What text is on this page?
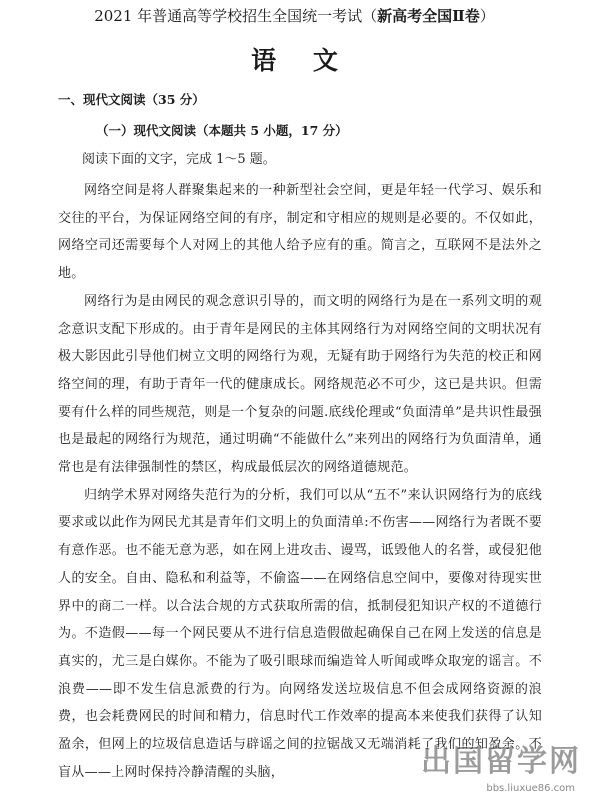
2021 年普通高等学校招生全国统一考试（新高考全国Ⅱ卷）
语 文
一、现代文阅读（35 分）
（一）现代文阅读（本题共 5 小题，17 分）
阅读下面的文字，完成 1～5 题。

网络空间是将人群聚集起来的一种新型社会空间，更是年轻一代学习、娱乐和交往的平台，为保证网络空间的有序，制定和守相应的规则是必要的。不仅如此，网络空司还需要每个人对网上的其他人给予应有的重。简言之，互联网不是法外之地。

网络行为是由网民的观念意识引导的，而文明的网络行为是在一系列文明的观念意识支配下形成的。由于青年是网民的主体其网络行为对网络空间的文明状况有极大影因此引导他们树立文明的网络行为观，无疑有助于网络行为失范的校正和网络空间的理，有助于青年一代的健康成长。网络规范必不可少，这已是共识。但需要有什么样的同些规范，则是一个复杂的问题.底线伦理或“负面清单”是共识性最强也是最起的网络行为规范，通过明确“不能做什么”来列出的网络行为负面清单，通常也是有法律强制性的禁区，构成最低层次的网络道德规范。

归纳学术界对网络失范行为的分析，我们可以从“五不”来认识网络行为的底线要求或以此作为网民尤其是青年们文明上的负面清单:不伤害——网络行为者既不要有意作恶。也不能无意为恶，如在网上进攻击、谩骂，诋毁他人的名誉，或侵犯他人的安全。自由、隐私和利益等，不偷盗——在网络信息空间中，要像对待现实世界中的商二一样。以合法合规的方式获取所需的信，抵制侵犯知识产权的不道德行为。不造假——每一个网民要从不进行信息造假做起确保自己在网上发送的信息是真实的，尤三是白媒你。不能为了吸引眼球而编造耸人听闻或哗众取宠的谣言。不浪费——即不发生信息派费的行为。向网络发送垃圾信息不但会成网络资源的浪费，也会耗费网民的时间和精力，信息时代工作效率的提高本来使我们获得了认知盈余，但网上的垃圾信息造话与辟谣之间的拉锯战又无端消耗了我们的知盈余。不盲从——上网时保持冷静清醒的头脑，	出国留学网
bbs.liuxue86.com
